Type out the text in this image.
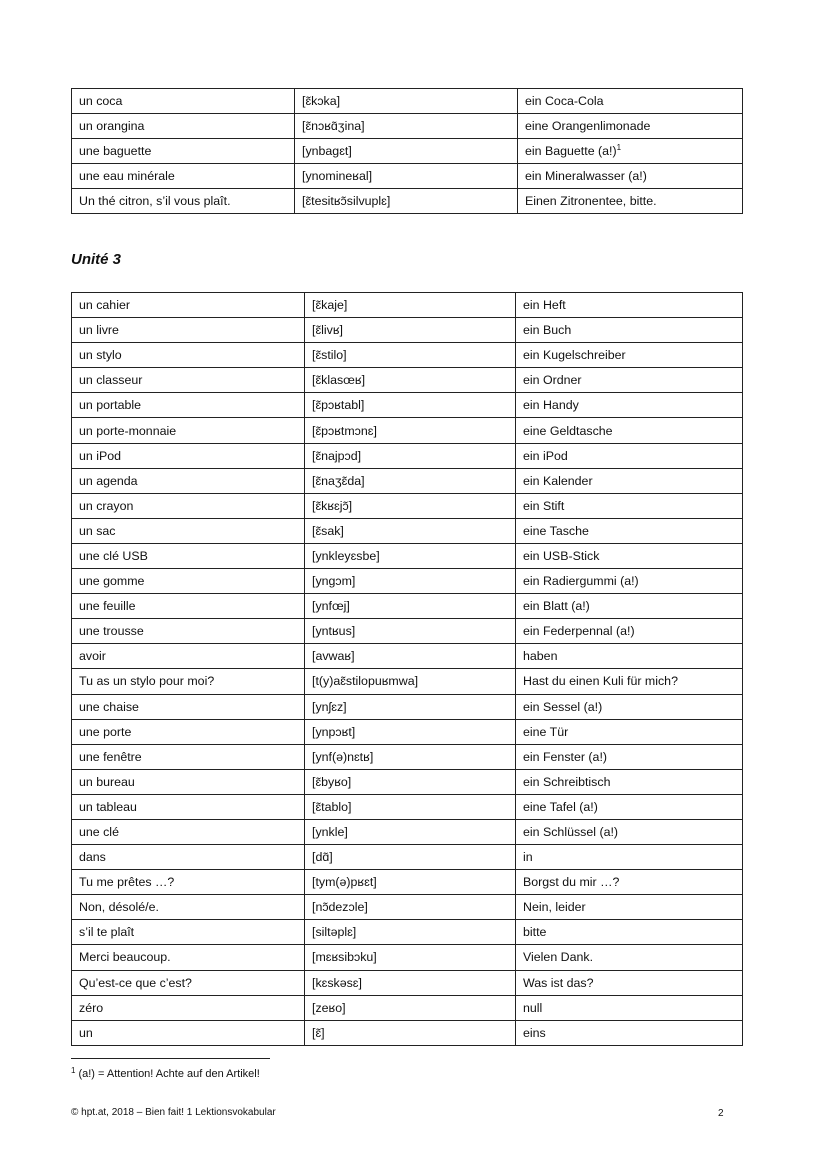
un coca	[ɛ̃kɔka]	ein Coca-Cola
un orangina	[ɛ̃nɔʁɑ̃ʒina]	eine Orangenlimonade
une baguette	[ynbagɛt]	ein Baguette $(a!)^1$
une eau minérale	[ynominеʁal]	ein Mineralwasser (a!)
Un thé citron, s’il vous plaît.	[ɛ̃tesitʁɔ̃silvuplɛ]	Einen Zitronentee, bitte.
Unité 3
un cahier	[ɛ̃kaje]	ein Heft
un livre	[ɛ̃livʁ]	ein Buch
un stylo	[ɛ̃stilo]	ein Kugelschreiber
un classeur	[ɛ̃klasœʁ]	ein Ordner
un portable	[ɛ̃pɔʁtabl]	ein Handy
un porte-monnaie	[ɛ̃pɔʁtmɔnɛ]	eine Geldtasche
un iPod	[ɛ̃najpɔd]	ein iPod
un agenda	[ɛ̃naʒɛ̃da]	ein Kalender
un crayon	[ɛ̃kʁɛjɔ̃]	ein Stift
un sac	[ɛ̃sak]	eine Tasche
une clé USB	[ynkleyɛsbe]	ein USB-Stick
une gomme	[yngɔm]	ein Radiergummi (a!)
une feuille	[ynfœj]	ein Blatt (a!)
une trousse	[yntʁus]	ein Federpennal (a!)
avoir	[avwaʁ]	haben
Tu as un stylo pour moi?	[t(y)aɛ̃stilopuʁmwa]	Hast du einen Kuli für mich?
une chaise	[ynʃɛz]	ein Sessel (a!)
une porte	[ynpɔʁt]	eine Tür
une fenêtre	[ynf(ə)nɛtʁ]	ein Fenster (a!)
un bureau	[ɛ̃byʁo]	ein Schreibtisch
un tableau	[ɛ̃tablo]	eine Tafel (a!)
une clé	[ynkle]	ein Schlüssel (a!)
dans	[dɑ̃]	in
Tu me prêtes …?	[tym(ə)pʁɛt]	Borgst du mir …?
Non, désolé/e.	[nɔ̃dezɔle]	Nein, leider
s’il te plaît	[siltəplɛ]	bitte
Merci beaucoup.	[mɛʁsibɔku]	Vielen Dank.
Qu’est-ce que c’est?	[kɛskəsɛ]	Was ist das?
zéro	[zeʁo]	null
un	[ɛ̃]	eins
$^1$ (a!) = Attention! Achte auf den Artikel!
© hpt.at, 2018 – Bien fait! 1 Lektionsvokabular	2
